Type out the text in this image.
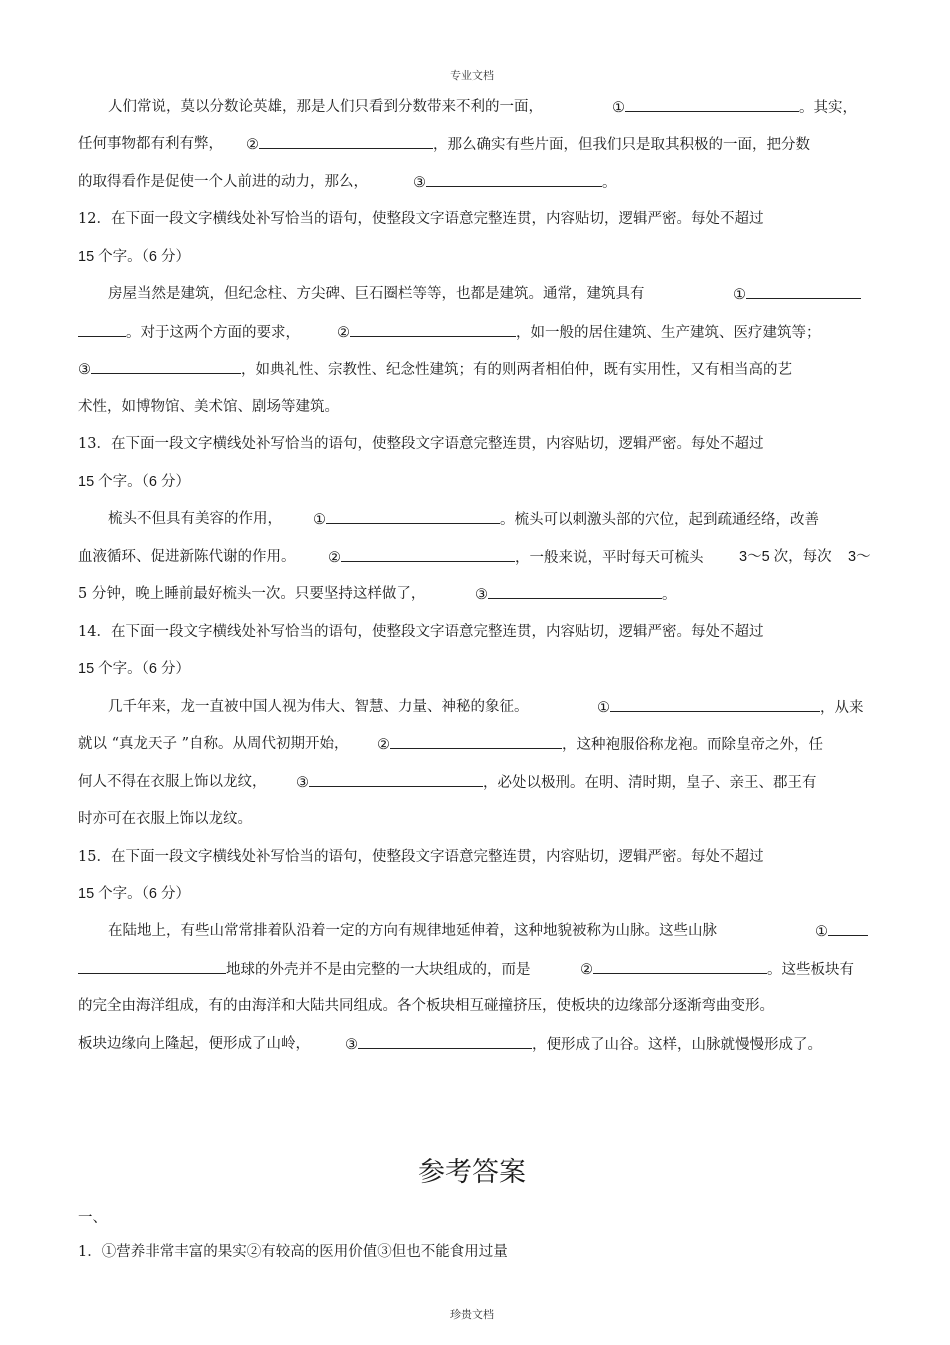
专业文档
人们常说，莫以分数论英雄，那是人们只看到分数带来不利的一面，	①	。其实，
任何事物都有利有弊， ②	，那么确实有些片面，但我们只是取其积极的一面，把分数
的取得看作是促使一个人前进的动力，那么，	③	。
12．在下面一段文字横线处补写恰当的语句，使整段文字语意完整连贯，内容贴切，逻辑严密。每处不超过
15 个字。（6 分）
房屋当然是建筑，但纪念柱、方尖碑、巨石圈栏等等，也都是建筑。通常，建筑具有	①
。对于这两个方面的要求，	②	，如一般的居住建筑、生产建筑、医疗建筑等；
③	，如典礼性、宗教性、纪念性建筑；有的则两者相伯仲，既有实用性，又有相当高的艺
术性，如博物馆、美术馆、剧场等建筑。
13．在下面一段文字横线处补写恰当的语句，使整段文字语意完整连贯，内容贴切，逻辑严密。每处不超过
15 个字。（6 分）
梳头不但具有美容的作用， ①	。梳头可以刺激头部的穴位，起到疏通经络，改善
血液循环、促进新陈代谢的作用。 ②	，一般来说，平时每天可梳头 3～5 次，每次 3～
5 分钟，晚上睡前最好梳头一次。只要坚持这样做了，	③	。
14．在下面一段文字横线处补写恰当的语句，使整段文字语意完整连贯，内容贴切，逻辑严密。每处不超过
15 个字。（6 分）
几千年来，龙一直被中国人视为伟大、智慧、力量、神秘的象征。	①	，从来
就以 “真龙天子 ”自称。从周代初期开始， ②	，这种袍服俗称龙袍。而除皇帝之外，任
何人不得在衣服上饰以龙纹， ③	，必处以极刑。在明、清时期，皇子、亲王、郡王有
时亦可在衣服上饰以龙纹。
15．在下面一段文字横线处补写恰当的语句，使整段文字语意完整连贯，内容贴切，逻辑严密。每处不超过
15 个字。（6 分）
在陆地上，有些山常常排着队沿着一定的方向有规律地延伸着，这种地貌被称为山脉。这些山脉	①
地球的外壳并不是由完整的一大块组成的，而是	②	。这些板块有
的完全由海洋组成，有的由海洋和大陆共同组成。各个板块相互碰撞挤压，使板块的边缘部分逐渐弯曲变形。
板块边缘向上隆起，便形成了山岭， ③	，便形成了山谷。这样，山脉就慢慢形成了。
参考答案
一、
1．①营养非常丰富的果实②有较高的医用价值③但也不能食用过量
珍贵文档
